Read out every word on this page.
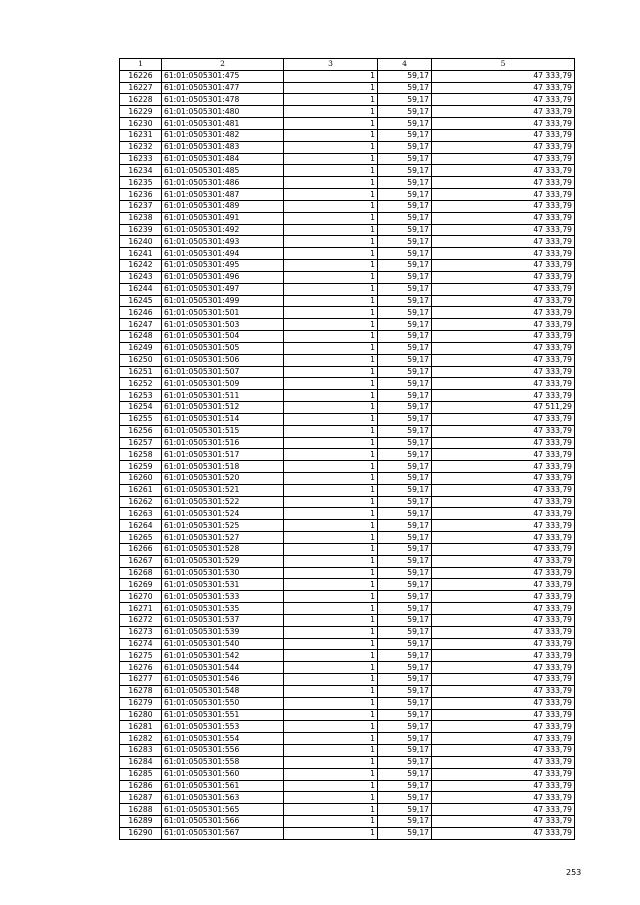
1	2	3	4	5
16226	61:01:0505301:475	1	59,17	47 333,79
16227	61:01:0505301:477	1	59,17	47 333,79
16228	61:01:0505301:478	1	59,17	47 333,79
16229	61:01:0505301:480	1	59,17	47 333,79
16230	61:01:0505301:481	1	59,17	47 333,79
16231	61:01:0505301:482	1	59,17	47 333,79
16232	61:01:0505301:483	1	59,17	47 333,79
16233	61:01:0505301:484	1	59,17	47 333,79
16234	61:01:0505301:485	1	59,17	47 333,79
16235	61:01:0505301:486	1	59,17	47 333,79
16236	61:01:0505301:487	1	59,17	47 333,79
16237	61:01:0505301:489	1	59,17	47 333,79
16238	61:01:0505301:491	1	59,17	47 333,79
16239	61:01:0505301:492	1	59,17	47 333,79
16240	61:01:0505301:493	1	59,17	47 333,79
16241	61:01:0505301:494	1	59,17	47 333,79
16242	61:01:0505301:495	1	59,17	47 333,79
16243	61:01:0505301:496	1	59,17	47 333,79
16244	61:01:0505301:497	1	59,17	47 333,79
16245	61:01:0505301:499	1	59,17	47 333,79
16246	61:01:0505301:501	1	59,17	47 333,79
16247	61:01:0505301:503	1	59,17	47 333,79
16248	61:01:0505301:504	1	59,17	47 333,79
16249	61:01:0505301:505	1	59,17	47 333,79
16250	61:01:0505301:506	1	59,17	47 333,79
16251	61:01:0505301:507	1	59,17	47 333,79
16252	61:01:0505301:509	1	59,17	47 333,79
16253	61:01:0505301:511	1	59,17	47 333,79
16254	61:01:0505301:512	1	59,17	47 511,29
16255	61:01:0505301:514	1	59,17	47 333,79
16256	61:01:0505301:515	1	59,17	47 333,79
16257	61:01:0505301:516	1	59,17	47 333,79
16258	61:01:0505301:517	1	59,17	47 333,79
16259	61:01:0505301:518	1	59,17	47 333,79
16260	61:01:0505301:520	1	59,17	47 333,79
16261	61:01:0505301:521	1	59,17	47 333,79
16262	61:01:0505301:522	1	59,17	47 333,79
16263	61:01:0505301:524	1	59,17	47 333,79
16264	61:01:0505301:525	1	59,17	47 333,79
16265	61:01:0505301:527	1	59,17	47 333,79
16266	61:01:0505301:528	1	59,17	47 333,79
16267	61:01:0505301:529	1	59,17	47 333,79
16268	61:01:0505301:530	1	59,17	47 333,79
16269	61:01:0505301:531	1	59,17	47 333,79
16270	61:01:0505301:533	1	59,17	47 333,79
16271	61:01:0505301:535	1	59,17	47 333,79
16272	61:01:0505301:537	1	59,17	47 333,79
16273	61:01:0505301:539	1	59,17	47 333,79
16274	61:01:0505301:540	1	59,17	47 333,79
16275	61:01:0505301:542	1	59,17	47 333,79
16276	61:01:0505301:544	1	59,17	47 333,79
16277	61:01:0505301:546	1	59,17	47 333,79
16278	61:01:0505301:548	1	59,17	47 333,79
16279	61:01:0505301:550	1	59,17	47 333,79
16280	61:01:0505301:551	1	59,17	47 333,79
16281	61:01:0505301:553	1	59,17	47 333,79
16282	61:01:0505301:554	1	59,17	47 333,79
16283	61:01:0505301:556	1	59,17	47 333,79
16284	61:01:0505301:558	1	59,17	47 333,79
16285	61:01:0505301:560	1	59,17	47 333,79
16286	61:01:0505301:561	1	59,17	47 333,79
16287	61:01:0505301:563	1	59,17	47 333,79
16288	61:01:0505301:565	1	59,17	47 333,79
16289	61:01:0505301:566	1	59,17	47 333,79
16290	61:01:0505301:567	1	59,17	47 333,79
253
